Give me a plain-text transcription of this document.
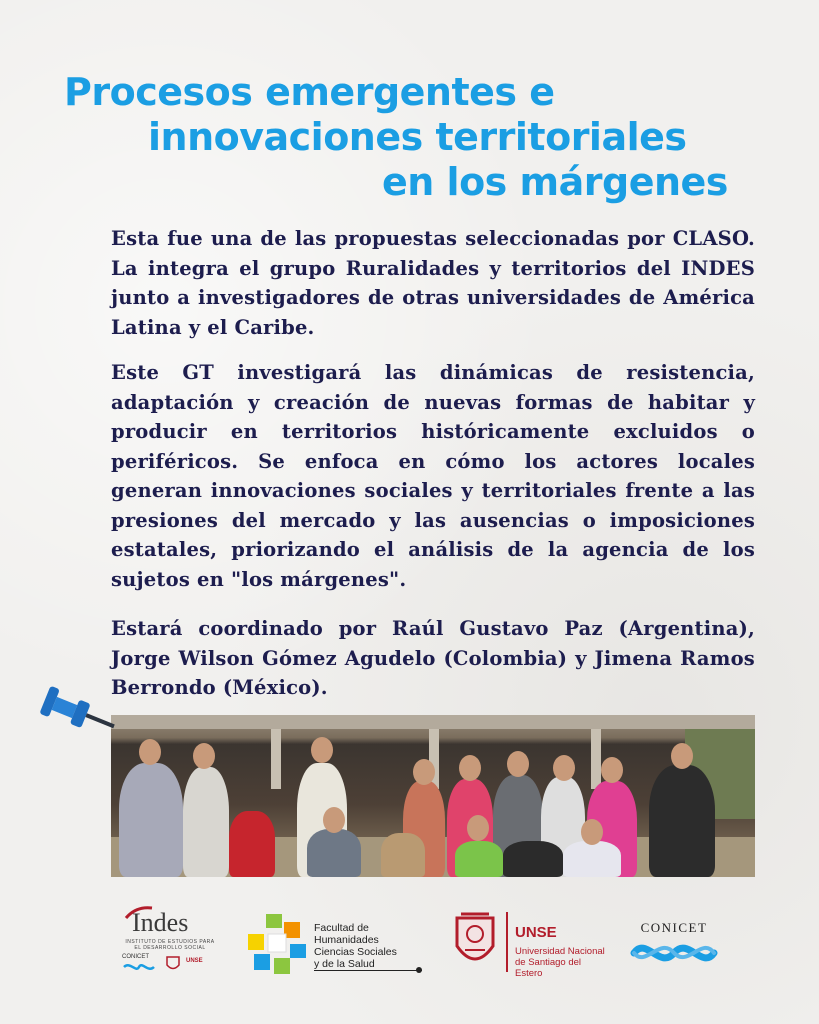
Procesos emergentes e
innovaciones territoriales
en los márgenes

Esta fue una de las propuestas seleccionadas por CLASO. La integra el grupo Ruralidades y territorios del INDES junto a investigadores de otras universidades de América Latina y el Caribe.

Este GT investigará las dinámicas de resistencia, adaptación y creación de nuevas formas de habitar y producir en territorios históricamente excluidos o periféricos. Se enfoca en cómo los actores locales generan innovaciones sociales y territoriales frente a las presiones del mercado y las ausencias o imposiciones estatales, priorizando el análisis de la agencia de los sujetos en "los márgenes".

Estará coordinado por Raúl Gustavo Paz (Argentina), Jorge Wilson Gómez Agudelo (Colombia) y Jimena Ramos Berrondo (México).

Indes
INSTITUTO DE ESTUDIOS PARA EL DESARROLLO SOCIAL
CONICET
UNSE
Facultad de
Humanidades
Ciencias Sociales
y de la Salud
UNSE
Universidad Nacional
de Santiago del Estero
CONICET
